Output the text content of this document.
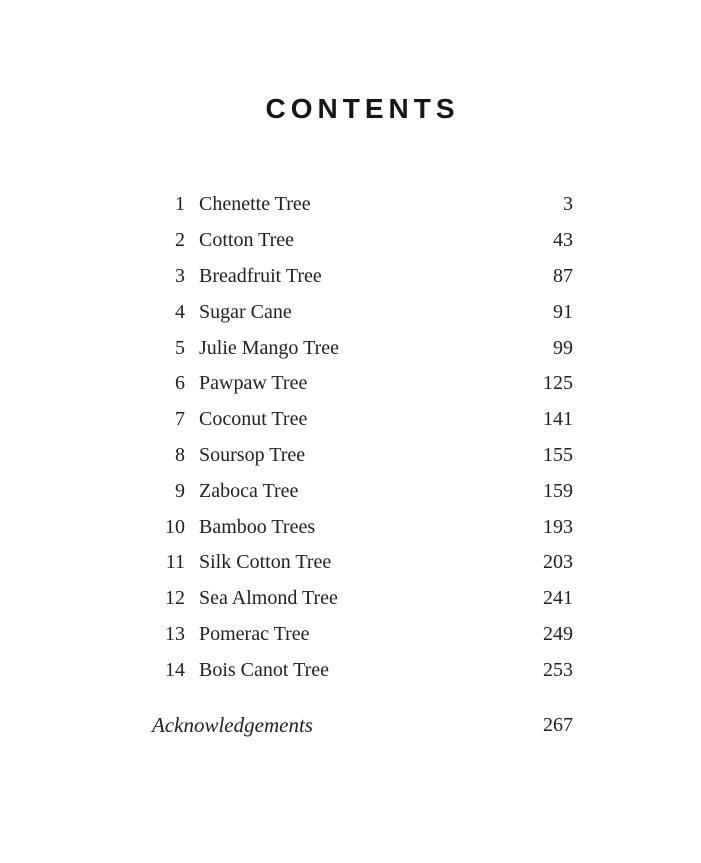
CONTENTS
1 Chenette Tree	3
2 Cotton Tree	43
3 Breadfruit Tree	87
4 Sugar Cane	91
5 Julie Mango Tree	99
6 Pawpaw Tree	125
7 Coconut Tree	141
8 Soursop Tree	155
9 Zaboca Tree	159
10 Bamboo Trees	193
11 Silk Cotton Tree	203
12 Sea Almond Tree	241
13 Pomerac Tree	249
14 Bois Canot Tree	253
Acknowledgements	267
